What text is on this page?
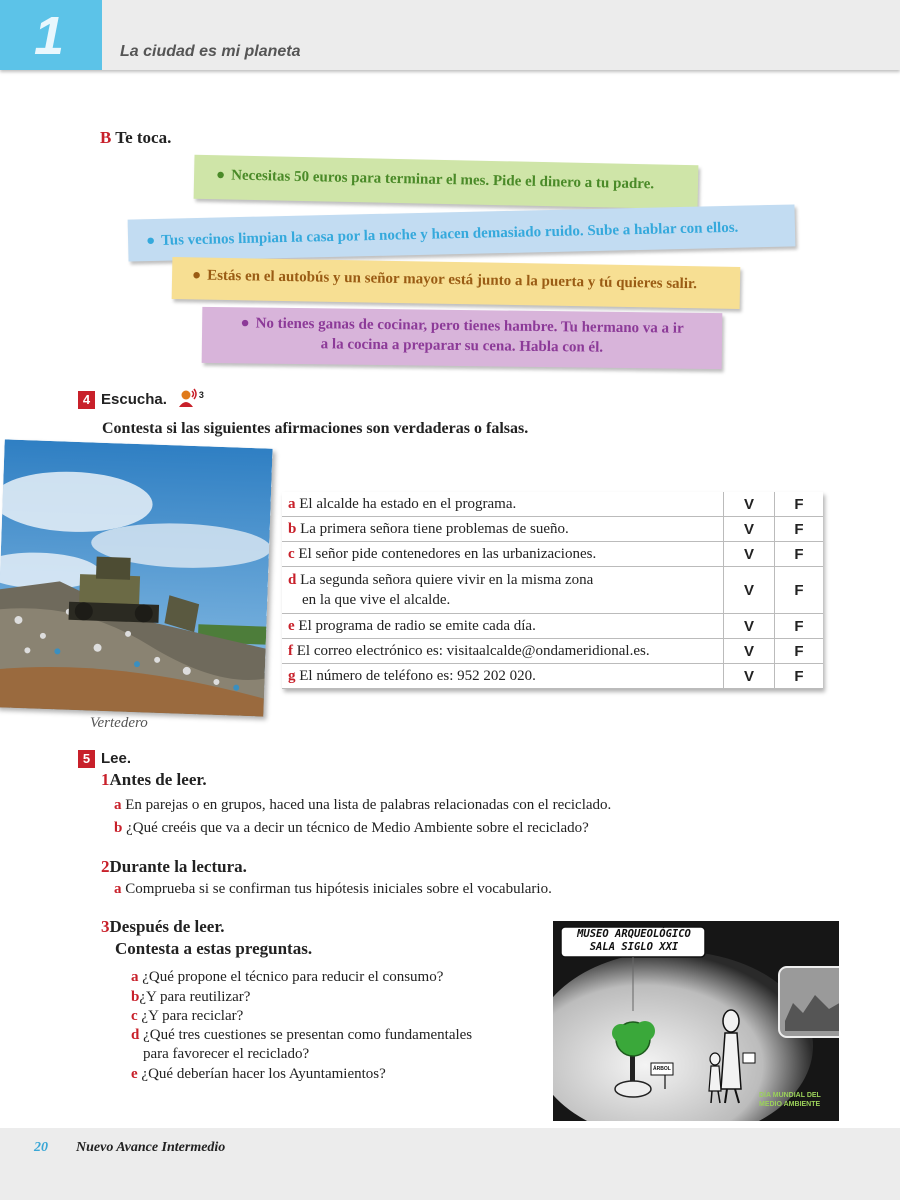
1	La ciudad es mi planeta
B Te toca.
● Necesitas 50 euros para terminar el mes. Pide el dinero a tu padre.
● Tus vecinos limpian la casa por la noche y hacen demasiado ruido. Sube a hablar con ellos.
● Estás en el autobús y un señor mayor está junto a la puerta y tú quieres salir.
● No tienes ganas de cocinar, pero tienes hambre. Tu hermano va a ir
a la cocina a preparar su cena. Habla con él.
4 Escucha.	$^3$
Contesta si las siguientes afirmaciones son verdaderas o falsas.
Vertedero
a El alcalde ha estado en el programa.	V	F
b La primera señora tiene problemas de sueño.	V	F
c El señor pide contenedores en las urbanizaciones.	V	F
d La segunda señora quiere vivir en la misma zona
en la que vive el alcalde.	V	F
e El programa de radio se emite cada día.	V	F
f El correo electrónico es: visitaalcalde@ondameridional.es.	V	F
g El número de teléfono es: 952 202 020.	V	F
5 Lee.
1Antes de leer.
a En parejas o en grupos, haced una lista de palabras relacionadas con el reciclado.
b ¿Qué creéis que va a decir un técnico de Medio Ambiente sobre el reciclado?
2Durante la lectura.
a Comprueba si se confirman tus hipótesis iniciales sobre el vocabulario.
3Después de leer.
Contesta a estas preguntas.
a ¿Qué propone el técnico para reducir el consumo?
b¿Y para reutilizar?
c ¿Y para reciclar?
d ¿Qué tres cuestiones se presentan como fundamentales
para favorecer el reciclado?
e ¿Qué deberían hacer los Ayuntamientos?
MUSEO ARQUEOLÓGICO
SALA SIGLO XXI
ÁRBOL
DÍA MUNDIAL DEL
MEDIO AMBIENTE
20 Nuevo Avance Intermedio
